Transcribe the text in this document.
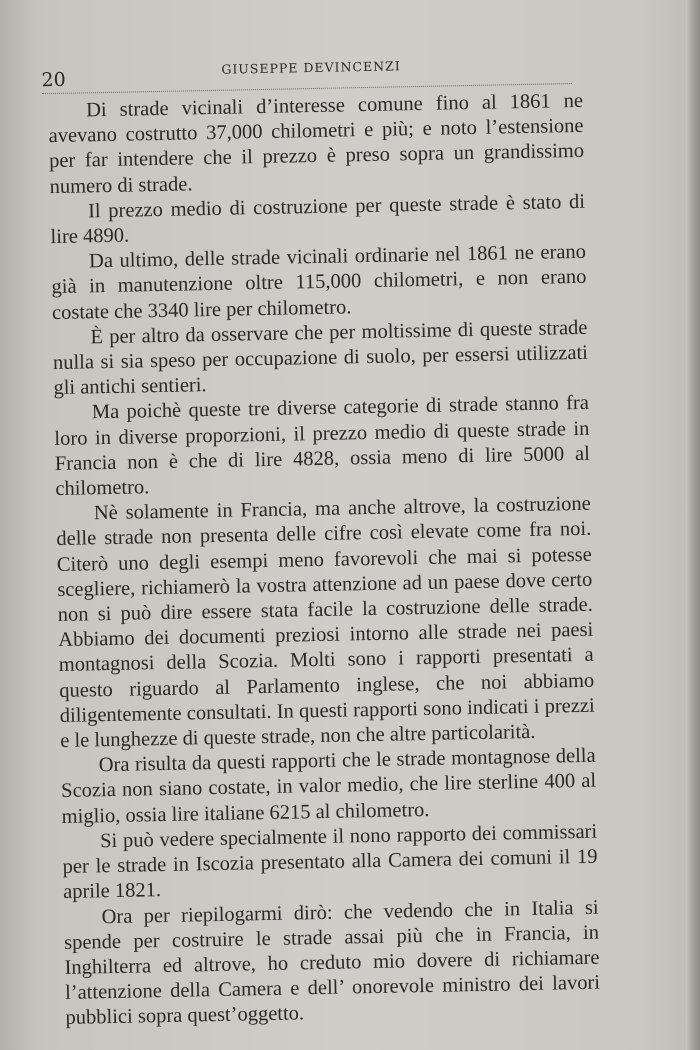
20
GIUSEPPE DEVINCENZI

Di strade vicinali d’interesse comune fino al 1861 ne avevano costrutto 37,000 chilometri e più; e noto l’estensione per far intendere che il prezzo è preso sopra un grandissimo numero di strade.

Il prezzo medio di costruzione per queste strade è stato di lire 4890.

Da ultimo, delle strade vicinali ordinarie nel 1861 ne erano già in manutenzione oltre 115,000 chilometri, e non erano costate che 3340 lire per chilometro.

È per altro da osservare che per moltissime di queste strade nulla si sia speso per occupazione di suolo, per essersi utilizzati gli antichi sentieri.

Ma poichè queste tre diverse categorie di strade stanno fra loro in diverse proporzioni, il prezzo medio di queste strade in Francia non è che di lire 4828, ossia meno di lire 5000 al chilometro.

Nè solamente in Francia, ma anche altrove, la costruzione delle strade non presenta delle cifre così elevate come fra noi. Citerò uno degli esempi meno favorevoli che mai si potesse scegliere, richiamerò la vostra attenzione ad un paese dove certo non si può dire essere stata facile la costruzione delle strade. Abbiamo dei documenti preziosi intorno alle strade nei paesi montagnosi della Scozia. Molti sono i rapporti presentati a questo riguardo al Parlamento inglese, che noi abbiamo diligentemente consultati. In questi rapporti sono indicati i prezzi e le lunghezze di queste strade, non che altre particolarità.

Ora risulta da questi rapporti che le strade montagnose della Scozia non siano costate, in valor medio, che lire sterline 400 al miglio, ossia lire italiane 6215 al chilometro.

Si può vedere specialmente il nono rapporto dei commissari per le strade in Iscozia presentato alla Camera dei comuni il 19 aprile 1821.

Ora per riepilogarmi dirò: che vedendo che in Italia si spende per costruire le strade assai più che in Francia, in Inghilterra ed altrove, ho creduto mio dovere di richiamare l’attenzione della Camera e dell’ onorevole ministro dei lavori pubblici sopra quest’oggetto.
